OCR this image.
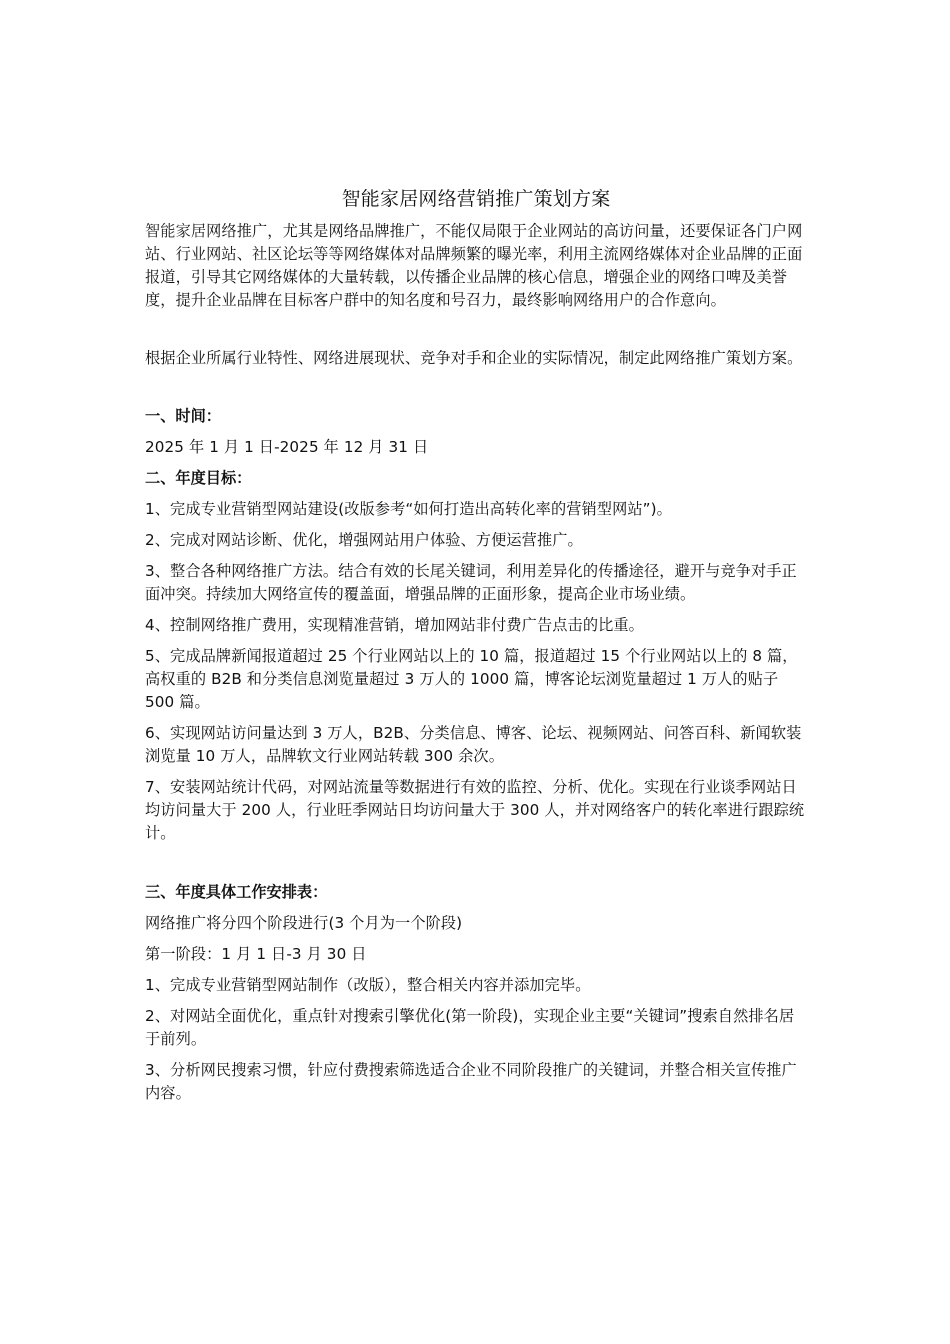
智能家居网络营销推广策划方案

智能家居网络推广，尤其是网络品牌推广，不能仅局限于企业网站的高访问量，还要保证各门户网站、行业网站、社区论坛等等网络媒体对品牌频繁的曝光率，利用主流网络媒体对企业品牌的正面报道，引导其它网络媒体的大量转载，以传播企业品牌的核心信息，增强企业的网络口啤及美誉度，提升企业品牌在目标客户群中的知名度和号召力，最终影响网络用户的合作意向。

根据企业所属行业特性、网络进展现状、竞争对手和企业的实际情况，制定此网络推广策划方案。

一、时间：

2025 年 1 月 1 日-2025 年 12 月 31 日

二、年度目标：

1、完成专业营销型网站建设(改版参考“如何打造出高转化率的营销型网站”)。

2、完成对网站诊断、优化，增强网站用户体验、方便运营推广。

3、整合各种网络推广方法。结合有效的长尾关键词，利用差异化的传播途径，避开与竞争对手正面冲突。持续加大网络宣传的覆盖面，增强品牌的正面形象，提高企业市场业绩。

4、控制网络推广费用，实现精准营销，增加网站非付费广告点击的比重。

5、完成品牌新闻报道超过 25 个行业网站以上的 10 篇，报道超过 15 个行业网站以上的 8 篇，高权重的 B2B 和分类信息浏览量超过 3 万人的 1000 篇，博客论坛浏览量超过 1 万人的贴子 500 篇。

6、实现网站访问量达到 3 万人，B2B、分类信息、博客、论坛、视频网站、问答百科、新闻软装浏览量 10 万人，品牌软文行业网站转载 300 余次。

7、安装网站统计代码，对网站流量等数据进行有效的监控、分析、优化。实现在行业谈季网站日均访问量大于 200 人，行业旺季网站日均访问量大于 300 人，并对网络客户的转化率进行跟踪统计。

三、年度具体工作安排表：

网络推广将分四个阶段进行(3 个月为一个阶段)

第一阶段：1 月 1 日-3 月 30 日

1、完成专业营销型网站制作（改版），整合相关内容并添加完毕。

2、对网站全面优化，重点针对搜索引擎优化(第一阶段)，实现企业主要“关键词”搜索自然排名居于前列。

3、分析网民搜索习惯，针应付费搜索筛选适合企业不同阶段推广的关键词，并整合相关宣传推广内容。
